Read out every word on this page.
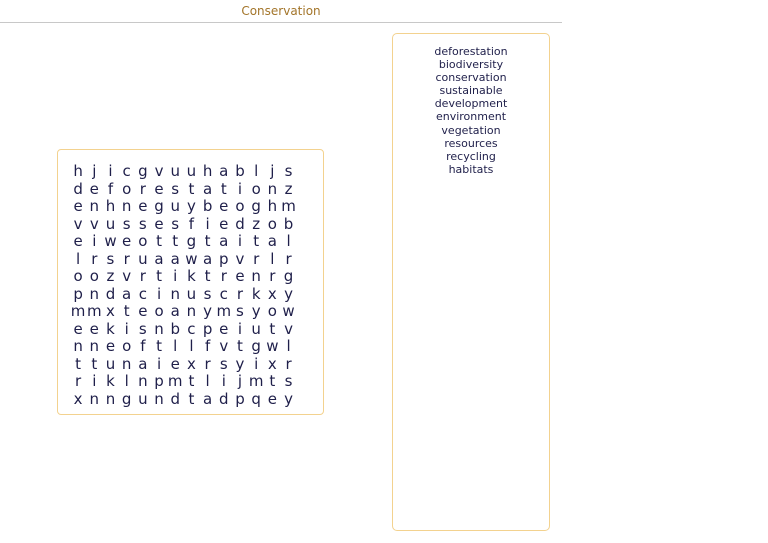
Conservation
h j i c g v u u h a b l j s
d e f o r e s t a t i o n z
e n h n e g u y b e o g h m
v v u s s e s f i e d z o b
e i w e o t t g t a i t a l
l r s r u a a w a p v r l r
o o z v r t i k t r e n r g
p n d a c i n u s c r k x y
m m x t e o a n y m s y o w
e e k i s n b c p e i u t v
n n e o f t l l f v t g w l
t t u n a i e x r s y i x r
r i k l n p m t l i j m t s
x n n g u n d t a d p q e y
deforestation
biodiversity
conservation
sustainable
development
environment
vegetation
resources
recycling
habitats
